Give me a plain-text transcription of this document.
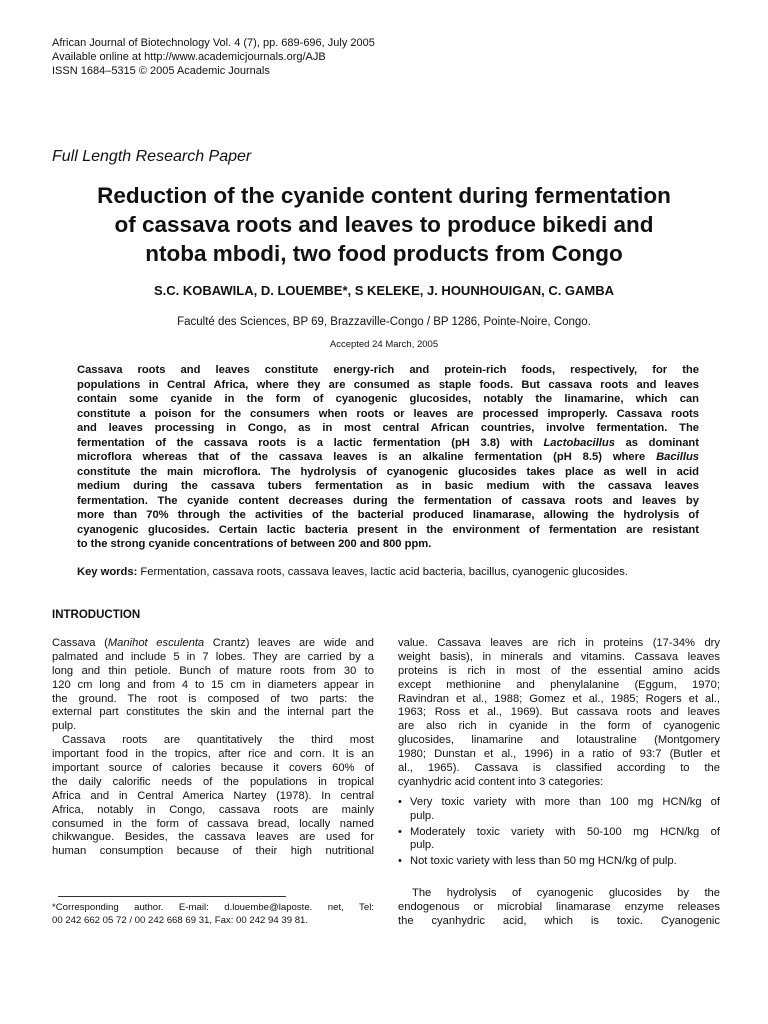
African Journal of Biotechnology Vol. 4 (7), pp. 689-696, July 2005
Available online at http://www.academicjournals.org/AJB
ISSN 1684–5315 © 2005 Academic Journals
Full Length Research Paper
Reduction of the cyanide content during fermentation
of cassava roots and leaves to produce bikedi and
ntoba mbodi, two food products from Congo
S.C. KOBAWILA, D. LOUEMBE*, S KELEKE, J. HOUNHOUIGAN, C. GAMBA
Faculté des Sciences, BP 69, Brazzaville-Congo / BP 1286, Pointe-Noire, Congo.
Accepted 24 March, 2005
Cassava roots and leaves constitute energy-rich and protein-rich foods, respectively, for the
populations in Central Africa, where they are consumed as staple foods. But cassava roots and leaves
contain some cyanide in the form of cyanogenic glucosides, notably the linamarine, which can
constitute a poison for the consumers when roots or leaves are processed improperly. Cassava roots
and leaves processing in Congo, as in most central African countries, involve fermentation. The
fermentation of the cassava roots is a lactic fermentation (pH 3.8) with Lactobacillus as dominant
microflora whereas that of the cassava leaves is an alkaline fermentation (pH 8.5) where Bacillus
constitute the main microflora. The hydrolysis of cyanogenic glucosides takes place as well in acid
medium during the cassava tubers fermentation as in basic medium with the cassava leaves
fermentation. The cyanide content decreases during the fermentation of cassava roots and leaves by
more than 70% through the activities of the bacterial produced linamarase, allowing the hydrolysis of
cyanogenic glucosides. Certain lactic bacteria present in the environment of fermentation are resistant
to the strong cyanide concentrations of between 200 and 800 ppm.
Key words: Fermentation, cassava roots, cassava leaves, lactic acid bacteria, bacillus, cyanogenic glucosides.
INTRODUCTION
Cassava (Manihot esculenta Crantz) leaves are wide and
palmated and include 5 in 7 lobes. They are carried by a
long and thin petiole. Bunch of mature roots from 30 to
120 cm long and from 4 to 15 cm in diameters appear in
the ground. The root is composed of two parts: the
external part constitutes the skin and the internal part the
pulp.
Cassava roots are quantitatively the third most
important food in the tropics, after rice and corn. It is an
important source of calories because it covers 60% of
the daily calorific needs of the populations in tropical
Africa and in Central America Nartey (1978). In central
Africa, notably in Congo, cassava roots are mainly
consumed in the form of cassava bread, locally named
chikwangue. Besides, the cassava leaves are used for
human consumption because of their high nutritional
value. Cassava leaves are rich in proteins (17-34% dry
weight basis), in minerals and vitamins. Cassava leaves
proteins is rich in most of the essential amino acids
except methionine and phenylalanine (Eggum, 1970;
Ravindran et al., 1988; Gomez et al., 1985; Rogers et al.,
1963; Ross et al., 1969). But cassava roots and leaves
are also rich in cyanide in the form of cyanogenic
glucosides, linamarine and lotaustraline (Montgomery
1980; Dunstan et al., 1996) in a ratio of 93:7 (Butler et
al., 1965). Cassava is classified according to the
cyanhydric acid content into 3 categories:
• Very toxic variety with more than 100 mg HCN/kg of
pulp.
• Moderately toxic variety with 50-100 mg HCN/kg of
pulp.
• Not toxic variety with less than 50 mg HCN/kg of pulp.
*Corresponding author. E-mail: d.louembe@laposte. net, Tel:
00 242 662 05 72 / 00 242 668 69 31, Fax: 00 242 94 39 81.
The hydrolysis of cyanogenic glucosides by the
endogenous or microbial linamarase enzyme releases
the cyanhydric acid, which is toxic. Cyanogenic
